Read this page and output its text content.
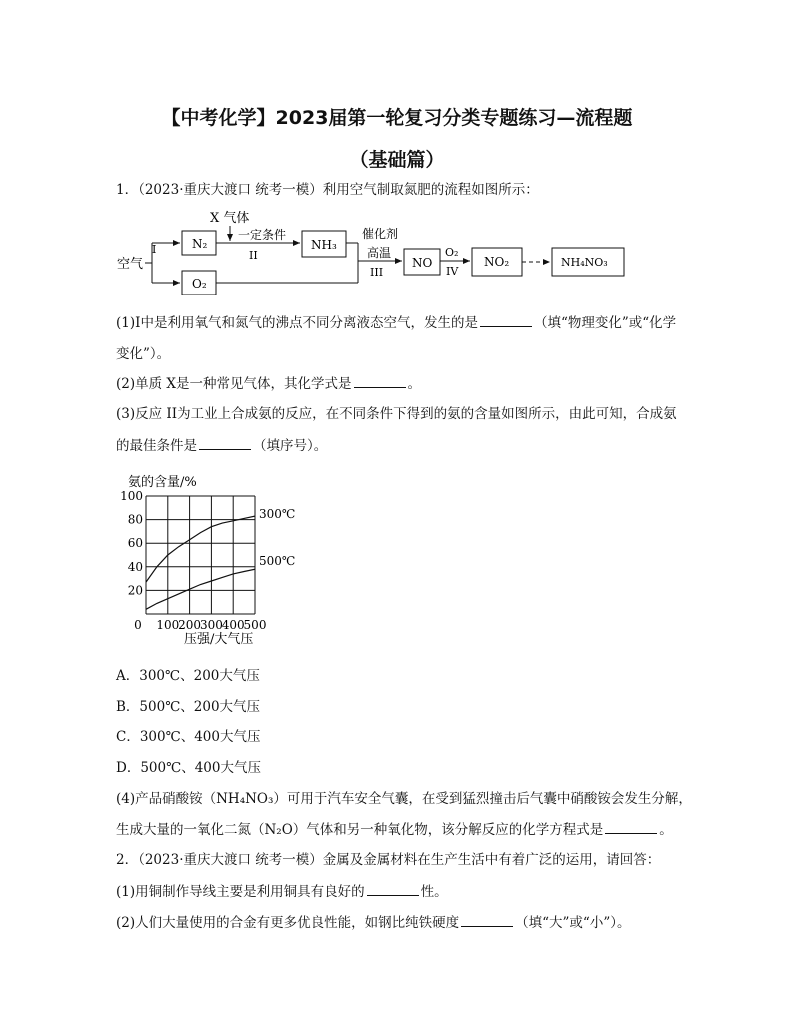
【中考化学】2023届第一轮复习分类专题练习—流程题
（基础篇）
1．（2023·重庆大渡口 统考一模）利用空气制取氮肥的流程如图所示：
空气
I	N₂
O₂
X 气体
一定条件
II
NH₃
催化剂
高温
III
NO
O₂
IV
NO₂	NH₄NO₃
(1)I中是利用氧气和氮气的沸点不同分离液态空气，发生的是	（填“物理变化”或“化学
变化”）。
(2)单质 X是一种常见气体，其化学式是	。
(3)反应 II为工业上合成氨的反应，在不同条件下得到的氨的含量如图所示，由此可知，合成氨
的最佳条件是	（填序号）。
氨的含量/%
20
40
60
80
100
0 100
200
300
400
500
300℃
500℃
压强/大气压
A．300℃、200大气压
B．500℃、200大气压
C．300℃、400大气压
D．500℃、400大气压
(4)产品硝酸铵（NH₄NO₃）可用于汽车安全气囊，在受到猛烈撞击后气囊中硝酸铵会发生分解，
生成大量的一氧化二氮（N₂O）气体和另一种氧化物，该分解反应的化学方程式是	。
2．（2023·重庆大渡口 统考一模）金属及金属材料在生产生活中有着广泛的运用，请回答：
(1)用铜制作导线主要是利用铜具有良好的	性。
(2)人们大量使用的合金有更多优良性能，如钢比纯铁硬度	（填“大”或“小”）。
